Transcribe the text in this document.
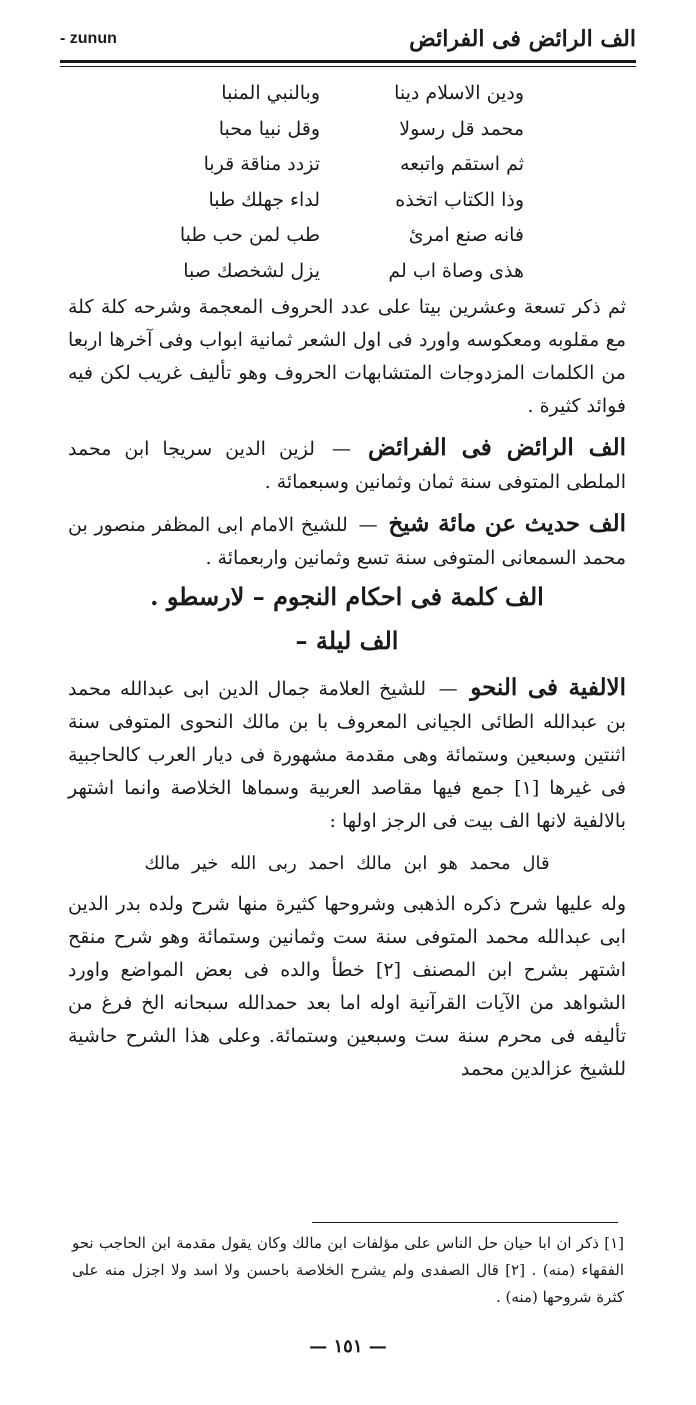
الف الرائض فى الفرائض
- zunun
ودين الاسلام دينا
وبالنبي المنبا
محمد قل رسولا
وقل نبيا محبا
ثم استقم واتبعه
تزدد مناقة قربا
وذا الكتاب اتخذه
لداء جهلك طبا
فانه صنع امرئ
طب لمن حب طبا
هذى وصاة اب لم
يزل لشخصك صبا

ثم ذكر تسعة وعشرين بيتا على عدد الحروف المعجمة وشرحه كلة كلة مع مقلوبه ومعكوسه واورد فى اول الشعر ثمانية ابواب وفى آخرها اربعا من الكلمات المزدوجات المتشابهات الحروف وهو تأليف غريب لكن فيه فوائد كثيرة .

الف الرائض فى الفرائض — لزين الدين سريجا ابن محمد الملطى المتوفى سنة ثمان وثمانين وسبعمائة .

الف حديث عن مائة شيخ — للشيخ الامام ابى المظفر منصور بن محمد السمعانى المتوفى سنة تسع وثمانين واربعمائة .

الف كلمة فى احكام النجوم – لارسطو .
الف ليلة –

الالفية فى النحو — للشيخ العلامة جمال الدين ابى عبدالله محمد بن عبدالله الطائى الجيانى المعروف با بن مالك النحوى المتوفى سنة اثنتين وسبعين وستمائة وهى مقدمة مشهورة فى ديار العرب كالحاجبية فى غيرها [١] جمع فيها مقاصد العربية وسماها الخلاصة وانما اشتهر بالالفية لانها الف بيت فى الرجز اولها :

قال محمد هو ابن مالك احمد ربى الله خير مالك

وله عليها شرح ذكره الذهبى وشروحها كثيرة منها شرح ولده بدر الدين ابى عبدالله محمد المتوفى سنة ست وثمانين وستمائة وهو شرح منقح اشتهر بشرح ابن المصنف [٢] خطأ والده فى بعض المواضع واورد الشواهد من الآيات القرآنية اوله اما بعد حمدالله سبحانه الخ فرغ من تأليفه فى محرم سنة ست وسبعين وستمائة. وعلى هذا الشرح حاشية للشيخ عزالدين محمد

[١] ذكر ان ابا حيان حل الناس على مؤلفات ابن مالك وكان يقول مقدمة ابن الحاجب نحو الفقهاء (منه) . [٢] قال الصفدى ولم يشرح الخلاصة باحسن ولا اسد ولا اجزل منه على كثرة شروحها (منه) .
— ١٥١ —
